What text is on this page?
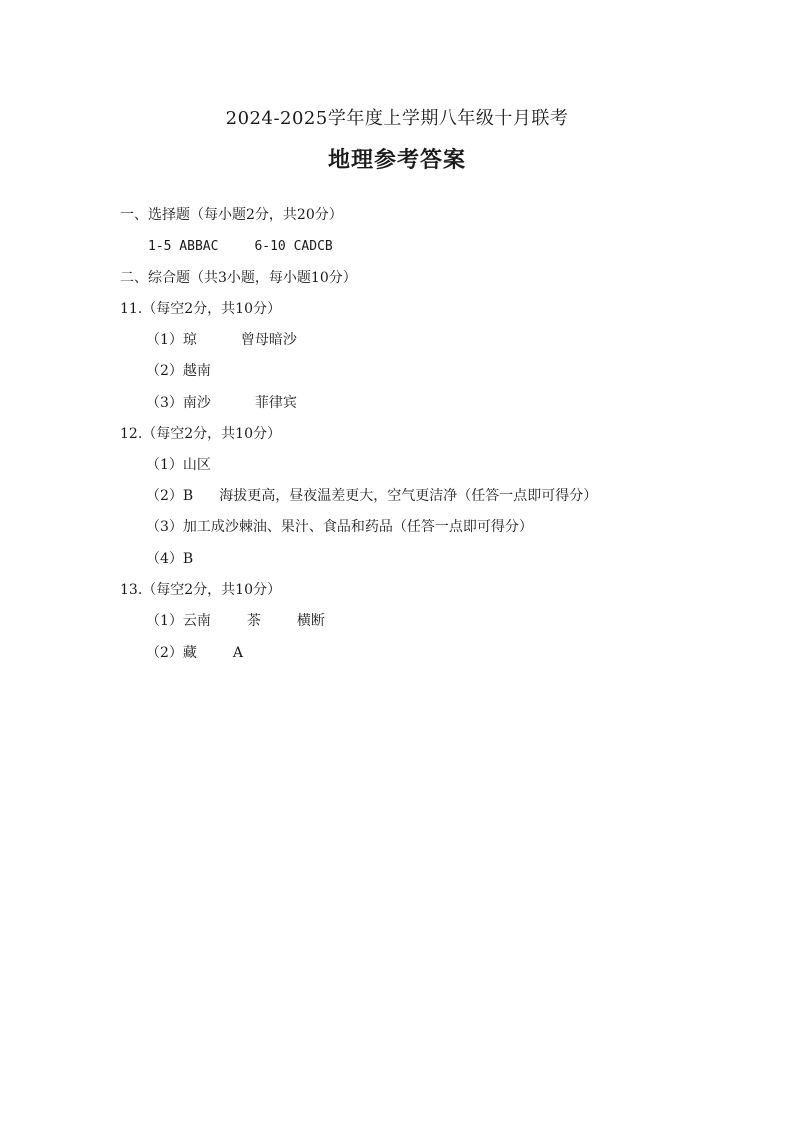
2024-2025学年度上学期八年级十月联考
地理参考答案
一、选择题（每小题2分，共20分）
1-5 ABBAC	6-10 CADCB
二、综合题（共3小题，每小题10分）
11.（每空2分，共10分）
（1）琼	曾母暗沙
（2）越南
（3）南沙	菲律宾
12.（每空2分，共10分）
（1）山区
（2）B 海拔更高，昼夜温差更大，空气更洁净（任答一点即可得分）
（3）加工成沙棘油、果汁、食品和药品（任答一点即可得分）
（4）B
13.（每空2分，共10分）
（1）云南	茶	横断
（2）藏	A
